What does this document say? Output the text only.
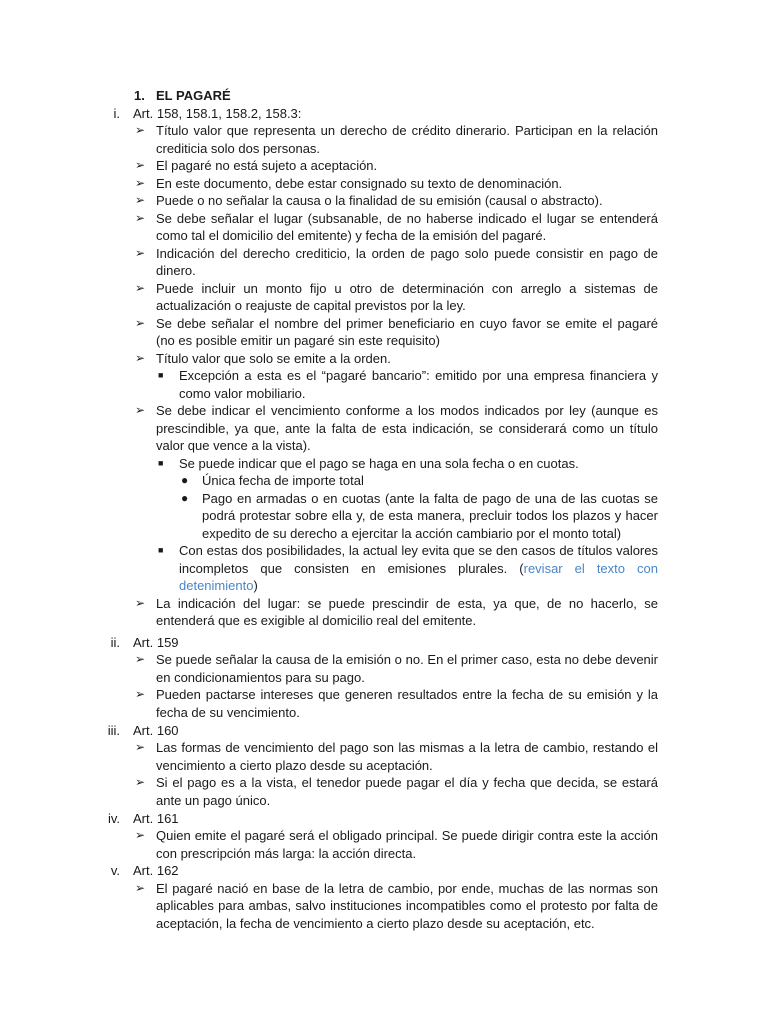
1. EL PAGARÉ
i. Art. 158, 158.1, 158.2, 158.3:
➢ Título valor que representa un derecho de crédito dinerario. Participan en la relación crediticia solo dos personas.
➢ El pagaré no está sujeto a aceptación.
➢ En este documento, debe estar consignado su texto de denominación.
➢ Puede o no señalar la causa o la finalidad de su emisión (causal o abstracto).
➢ Se debe señalar el lugar (subsanable, de no haberse indicado el lugar se entenderá como tal el domicilio del emitente) y fecha de la emisión del pagaré.
➢ Indicación del derecho crediticio, la orden de pago solo puede consistir en pago de dinero.
➢ Puede incluir un monto fijo u otro de determinación con arreglo a sistemas de actualización o reajuste de capital previstos por la ley.
➢ Se debe señalar el nombre del primer beneficiario en cuyo favor se emite el pagaré (no es posible emitir un pagaré sin este requisito)
➢ Título valor que solo se emite a la orden.
■ Excepción a esta es el “pagaré bancario”: emitido por una empresa financiera y como valor mobiliario.
➢ Se debe indicar el vencimiento conforme a los modos indicados por ley (aunque es prescindible, ya que, ante la falta de esta indicación, se considerará como un título valor que vence a la vista).
■ Se puede indicar que el pago se haga en una sola fecha o en cuotas.
● Única fecha de importe total
● Pago en armadas o en cuotas (ante la falta de pago de una de las cuotas se podrá protestar sobre ella y, de esta manera, precluir todos los plazos y hacer expedito de su derecho a ejercitar la acción cambiario por el monto total)
■ Con estas dos posibilidades, la actual ley evita que se den casos de títulos valores incompletos que consisten en emisiones plurales. (revisar el texto con detenimiento)
➢ La indicación del lugar: se puede prescindir de esta, ya que, de no hacerlo, se entenderá que es exigible al domicilio real del emitente.
ii. Art. 159
➢ Se puede señalar la causa de la emisión o no. En el primer caso, esta no debe devenir en condicionamientos para su pago.
➢ Pueden pactarse intereses que generen resultados entre la fecha de su emisión y la fecha de su vencimiento.
iii. Art. 160
➢ Las formas de vencimiento del pago son las mismas a la letra de cambio, restando el vencimiento a cierto plazo desde su aceptación.
➢ Si el pago es a la vista, el tenedor puede pagar el día y fecha que decida, se estará ante un pago único.
iv. Art. 161
➢ Quien emite el pagaré será el obligado principal. Se puede dirigir contra este la acción con prescripción más larga: la acción directa.
v. Art. 162
➢ El pagaré nació en base de la letra de cambio, por ende, muchas de las normas son aplicables para ambas, salvo instituciones incompatibles como el protesto por falta de aceptación, la fecha de vencimiento a cierto plazo desde su aceptación, etc.
